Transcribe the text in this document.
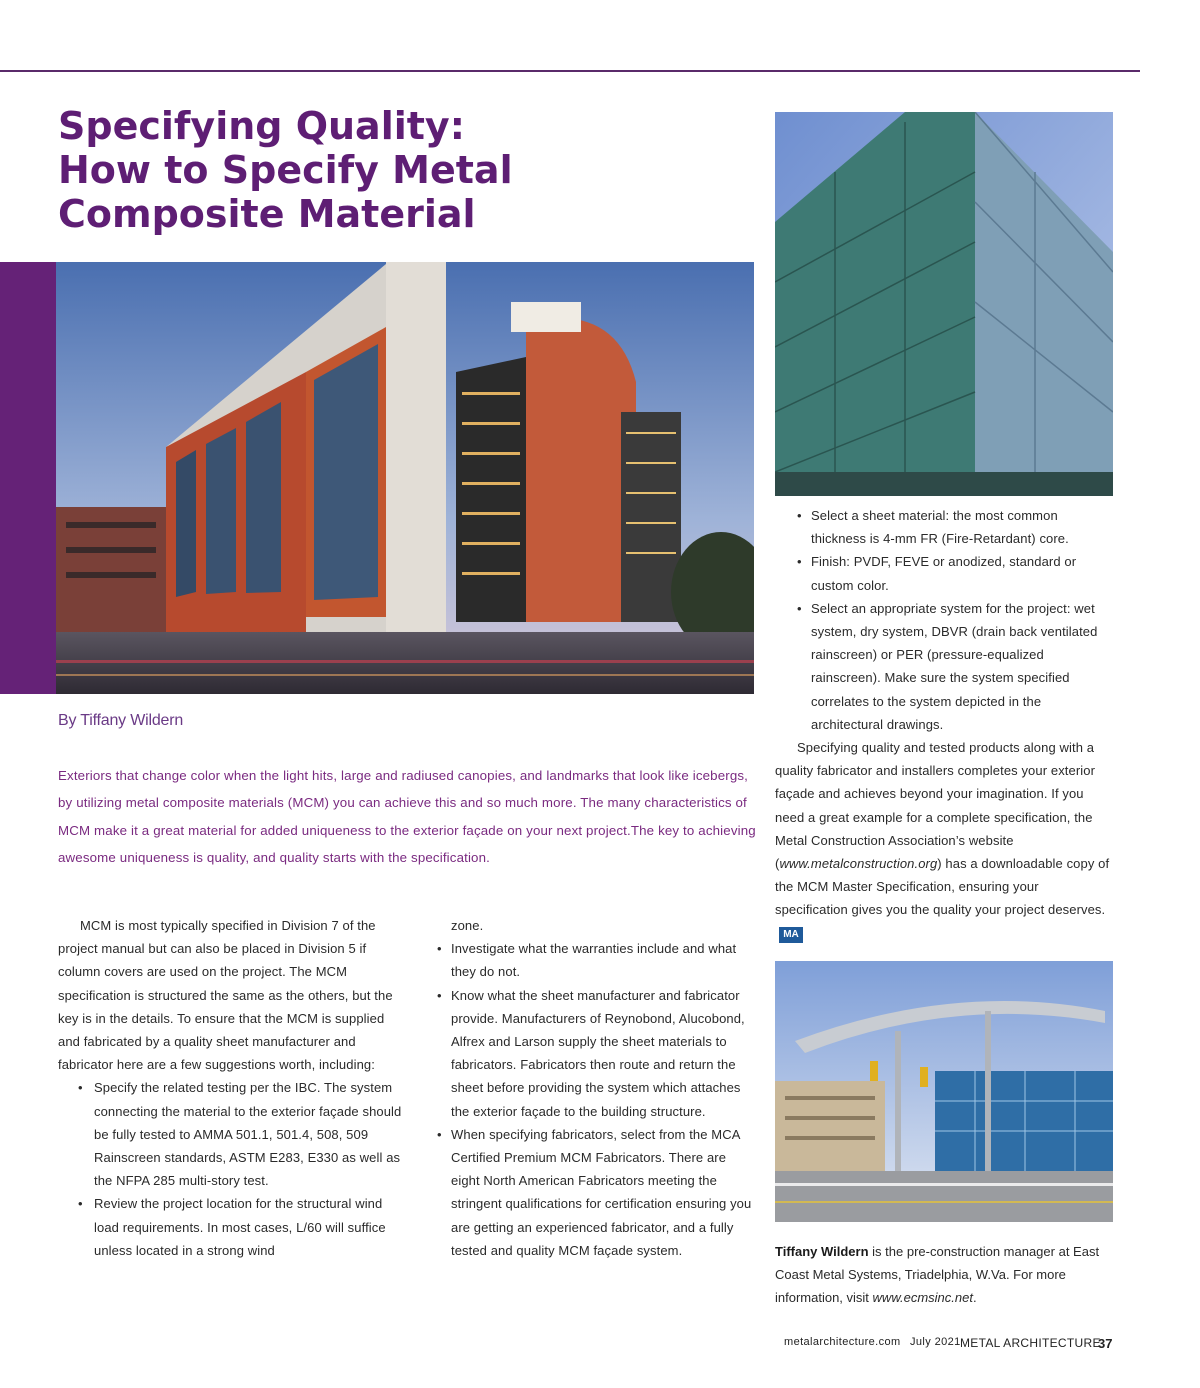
Specifying Quality:
How to Specify Metal
Composite Material

By Tiffany Wildern

Exteriors that change color when the light hits, large and radiused canopies, and landmarks that look like icebergs, by utilizing metal composite materials (MCM) you can achieve this and so much more. The many characteristics of MCM make it a great material for added uniqueness to the exterior façade on your next project.The key to achieving awesome uniqueness is quality, and quality starts with the specification.

MCM is most typically specified in Division 7 of the project manual but can also be placed in Division 5 if column covers are used on the project. The MCM specification is structured the same as the others, but the key is in the details. To ensure that the MCM is supplied and fabricated by a quality sheet manufacturer and fabricator here are a few suggestions worth, including:

• Specify the related testing per the IBC. The system connecting the material to the exterior façade should be fully tested to AMMA 501.1, 501.4, 508, 509 Rainscreen standards, ASTM E283, E330 as well as the NFPA 285 multi-story test.
• Review the project location for the structural wind load requirements. In most cases, L/60 will suffice unless located in a strong wind

zone.

• Investigate what the warranties include and what they do not.
• Know what the sheet manufacturer and fabricator provide. Manufacturers of Reynobond, Alucobond, Alfrex and Larson supply the sheet materials to fabricators. Fabricators then route and return the sheet before providing the system which attaches the exterior façade to the building structure.
• When specifying fabricators, select from the MCA Certified Premium MCM Fabricators. There are eight North American Fabricators meeting the stringent qualifications for certification ensuring you are getting an experienced fabricator, and a fully tested and quality MCM façade system.
• Select a sheet material: the most common thickness is 4-mm FR (Fire-Retardant) core.
• Finish: PVDF, FEVE or anodized, standard or custom color.
• Select an appropriate system for the project: wet system, dry system, DBVR (drain back ventilated rainscreen) or PER (pressure-equalized rainscreen). Make sure the system specified correlates to the system depicted in the architectural drawings.

Specifying quality and tested products along with a quality fabricator and installers completes your exterior façade and achieves beyond your imagination. If you need a great example for a complete specification, the Metal Construction Association’s website (www.metalconstruction.org) has a downloadable copy of the MCM Master Specification, ensuring your specification gives you the quality your project deserves.MA

Tiffany Wildern is the pre-construction manager at East Coast Metal Systems, Triadelphia, W.Va. For more information, visit www.ecmsinc.net.

metalarchitecture.com July 2021 METAL ARCHITECTURE
37
